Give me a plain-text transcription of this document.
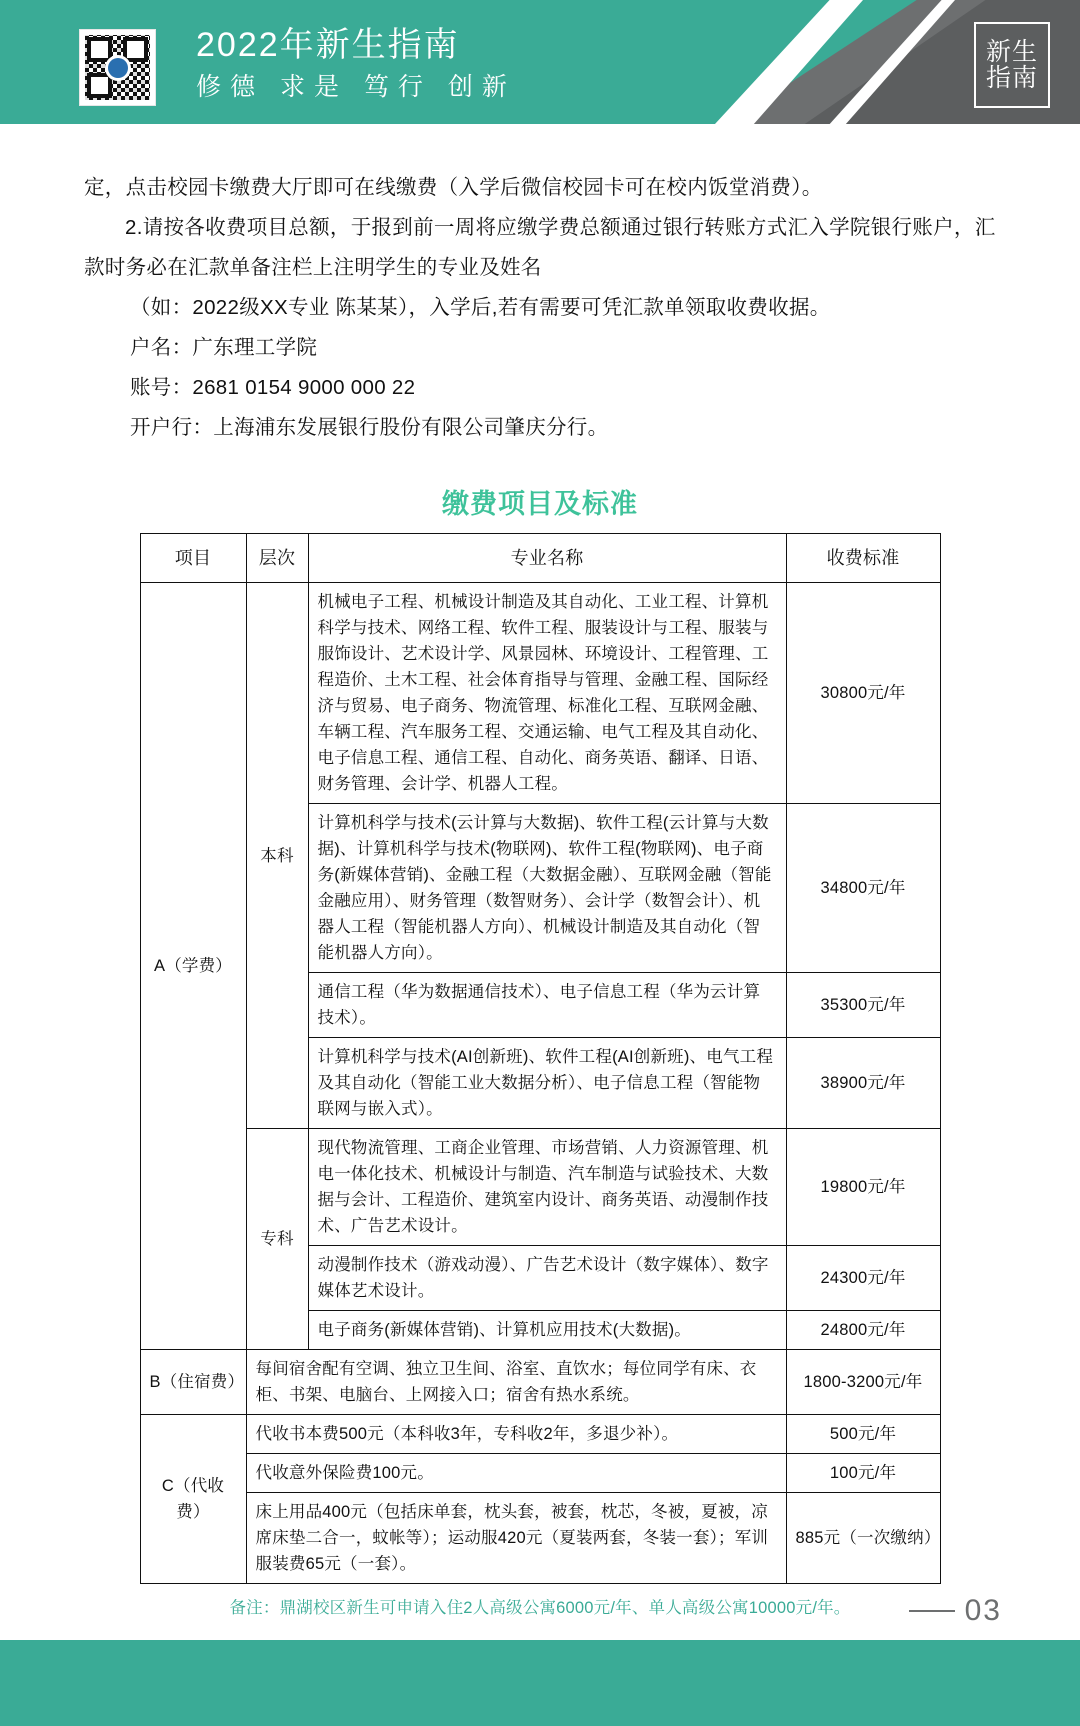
2022年新生指南
修德 求是 笃行 创新
新生
指南

定，点击校园卡缴费大厅即可在线缴费（入学后微信校园卡可在校内饭堂消费）。

2.请按各收费项目总额，于报到前一周将应缴学费总额通过银行转账方式汇入学院银行账户，汇款时务必在汇款单备注栏上注明学生的专业及姓名

（如：2022级XX专业 陈某某），入学后,若有需要可凭汇款单领取收费收据。

户名：广东理工学院

账号：2681 0154 9000 000 22

开户行：上海浦东发展银行股份有限公司肇庆分行。

缴费项目及标准
项目	层次	专业名称	收费标准
A（学费）	本科	机械电子工程、机械设计制造及其自动化、工业工程、计算机科学与技术、网络工程、软件工程、服装设计与工程、服装与服饰设计、艺术设计学、风景园林、环境设计、工程管理、工程造价、土木工程、社会体育指导与管理、金融工程、国际经济与贸易、电子商务、物流管理、标准化工程、互联网金融、车辆工程、汽车服务工程、交通运输、电气工程及其自动化、电子信息工程、通信工程、自动化、商务英语、翻译、日语、财务管理、会计学、机器人工程。	30800元/年
		计算机科学与技术(云计算与大数据)、软件工程(云计算与大数据)、计算机科学与技术(物联网)、软件工程(物联网)、电子商务(新媒体营销)、金融工程（大数据金融）、互联网金融（智能金融应用）、财务管理（数智财务）、会计学（数智会计）、机器人工程（智能机器人方向）、机械设计制造及其自动化（智能机器人方向）。	34800元/年
		通信工程（华为数据通信技术）、电子信息工程（华为云计算技术）。	35300元/年
		计算机科学与技术(AI创新班)、软件工程(AI创新班)、电气工程及其自动化（智能工业大数据分析）、电子信息工程（智能物联网与嵌入式）。	38900元/年
	专科	现代物流管理、工商企业管理、市场营销、人力资源管理、机电一体化技术、机械设计与制造、汽车制造与试验技术、大数据与会计、工程造价、建筑室内设计、商务英语、动漫制作技术、广告艺术设计。	19800元/年
		动漫制作技术（游戏动漫）、广告艺术设计（数字媒体）、数字媒体艺术设计。	24300元/年
		电子商务(新媒体营销)、计算机应用技术(大数据)。	24800元/年
B（住宿费）	每间宿舍配有空调、独立卫生间、浴室、直饮水；每位同学有床、衣柜、书架、电脑台、上网接入口；宿舍有热水系统。		1800-3200元/年
C（代收费）	代收书本费500元（本科收3年，专科收2年，多退少补）。		500元/年
	代收意外保险费100元。		100元/年
	床上用品400元（包括床单套，枕头套，被套，枕芯，冬被，夏被，凉席床垫二合一，蚊帐等）；运动服420元（夏装两套，冬装一套）；军训服装费65元（一套）。		885元（一次缴纳）
备注：鼎湖校区新生可申请入住2人高级公寓6000元/年、单人高级公寓10000元/年。	03
